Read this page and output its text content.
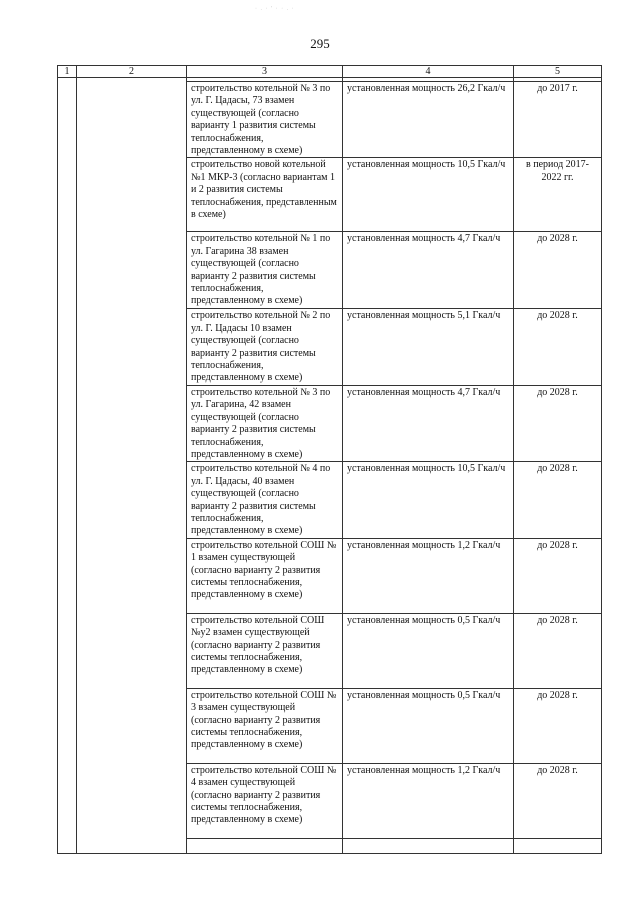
· . · ' · · . ·
295
1	2	3	4	5

		строительство котельной № 3 по ул. Г. Цадасы, 73 взамен существующей (согласно варианту 1 развития системы теплоснабжения, представленному в схеме)	установленная мощность 26,2 Гкал/ч	до 2017 г.
		строительство новой котельной №1 МКР-3 (согласно вариантам 1 и 2 развития системы теплоснабжения, представленным в схеме)	установленная мощность 10,5 Гкал/ч	в период 2017-2022 гг.
		строительство котельной № 1 по ул. Гагарина 38 взамен существующей (согласно варианту 2 развития системы теплоснабжения, представленному в схеме)	установленная мощность 4,7 Гкал/ч	до 2028 г.
		строительство котельной № 2 по ул. Г. Цадасы 10 взамен существующей (согласно варианту 2 развития системы теплоснабжения, представленному в схеме)	установленная мощность 5,1 Гкал/ч	до 2028 г.
		строительство котельной № 3 по ул. Гагарина, 42 взамен существующей (согласно варианту 2 развития системы теплоснабжения, представленному в схеме)	установленная мощность 4,7 Гкал/ч	до 2028 г.
		строительство котельной № 4 по ул. Г. Цадасы, 40 взамен существующей (согласно варианту 2 развития системы теплоснабжения, представленному в схеме)	установленная мощность 10,5 Гкал/ч	до 2028 г.
		строительство котельной СОШ № 1 взамен существующей (согласно варианту 2 развития системы теплоснабжения, представленному в схеме)	установленная мощность 1,2 Гкал/ч	до 2028 г.
		строительство котельной СОШ №у2 взамен существующей (согласно варианту 2 развития системы теплоснабжения, представленному в схеме)	установленная мощность 0,5 Гкал/ч	до 2028 г.
		строительство котельной СОШ № 3 взамен существующей (согласно варианту 2 развития системы теплоснабжения, представленному в схеме)	установленная мощность 0,5 Гкал/ч	до 2028 г.
		строительство котельной СОШ № 4 взамен существующей (согласно варианту 2 развития системы теплоснабжения, представленному в схеме)	установленная мощность 1,2 Гкал/ч	до 2028 г.
